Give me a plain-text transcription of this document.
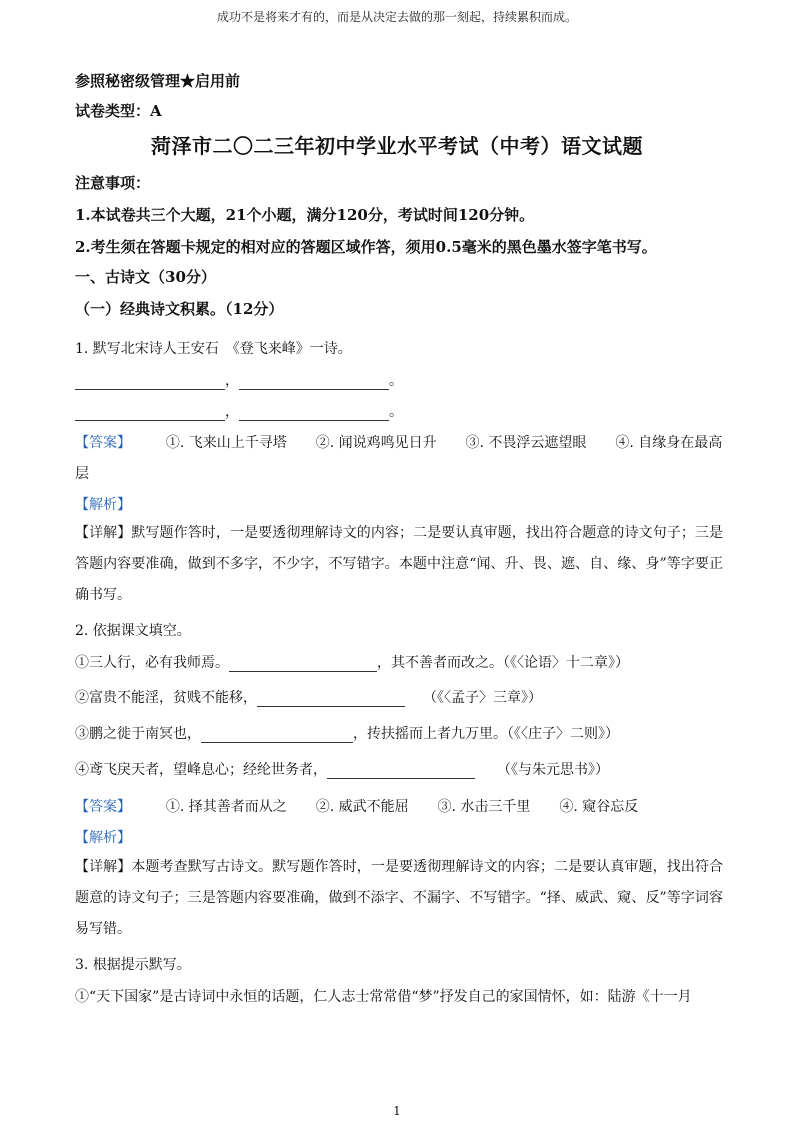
成功不是将来才有的，而是从决定去做的那一刻起，持续累积而成。
参照秘密级管理★启用前
试卷类型：A
菏泽市二〇二三年初中学业水平考试（中考）语文试题
注意事项：
1.本试卷共三个大题，21个小题，满分120分，考试时间120分钟。
2.考生须在答题卡规定的相对应的答题区域作答，须用0.5毫米的黑色墨水签字笔书写。
一、古诗文（30分）
（一）经典诗文积累。（12分）
1. 默写北宋诗人王安石　《登飞来峰》一诗。
，	。
，	。
【答案】 ①. 飞来山上千寻塔 ②. 闻说鸡鸣见日升 ③. 不畏浮云遮望眼 ④. 自缘身在最高
层
【解析】
【详解】默写题作答时，一是要透彻理解诗文的内容；二是要认真审题，找出符合题意的诗文句子；三是答题内容要准确，做到不多字，不少字，不写错字。本题中注意“闻、升、畏、遮、自、缘、身”等字要正确书写。
2. 依据课文填空。
①三人行，必有我师焉。	，其不善者而改之。（《〈论语〉十二章》）
②富贵不能淫，贫贱不能移，	（《〈孟子〉三章》）
③鹏之徙于南冥也，	，抟扶摇而上者九万里。（《〈庄子〉二则》）
④鸢飞戾天者，望峰息心；经纶世务者，	（《与朱元思书》）
【答案】 ①. 择其善者而从之 ②. 威武不能屈 ③. 水击三千里 ④. 窥谷忘反
【解析】
【详解】本题考查默写古诗文。默写题作答时，一是要透彻理解诗文的内容；二是要认真审题，找出符合题意的诗文句子；三是答题内容要准确，做到不添字、不漏字、不写错字。“择、威武、窥、反”等字词容易写错。
3. 根据提示默写。
①“天下国家”是古诗词中永恒的话题，仁人志士常常借“梦”抒发自己的家国情怀，如：陆游《十一月
1
